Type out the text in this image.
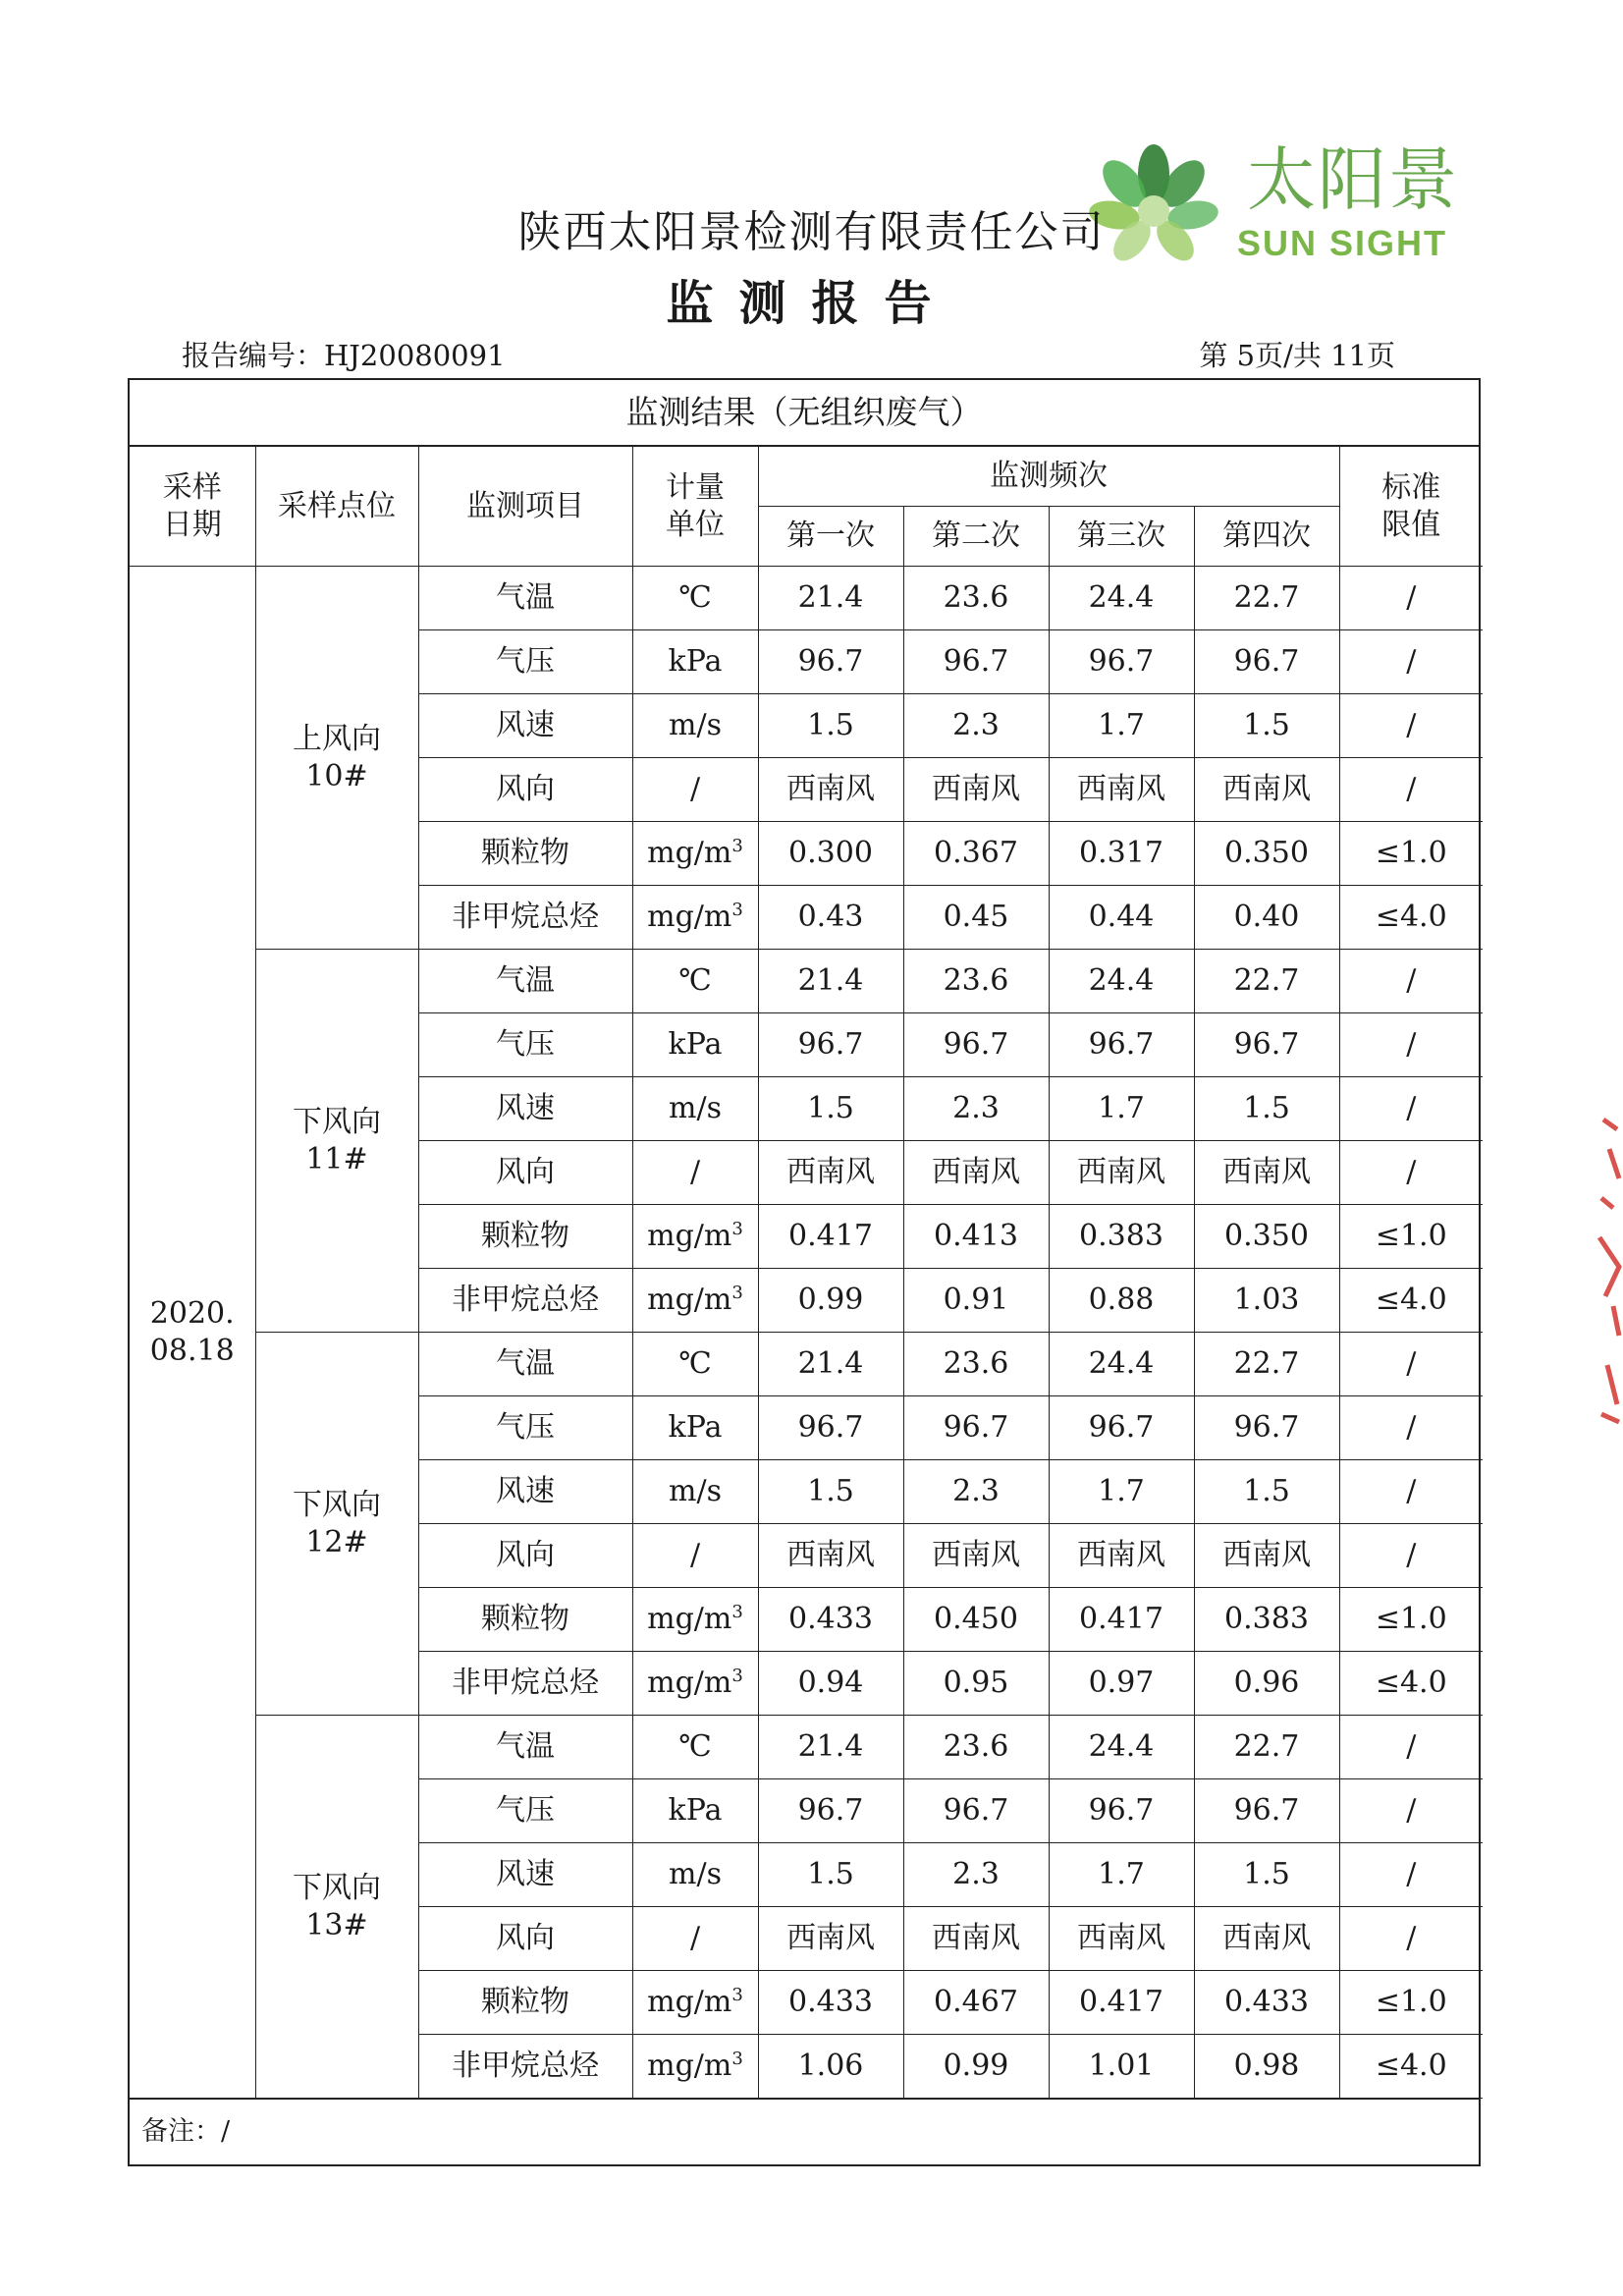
太阳景
SUN SIGHT
陕西太阳景检测有限责任公司
监测报告
报告编号：HJ20080091	第 5页/共 11页
监测结果（无组织废气）
采样
日期	采样点位	监测项目	计量
单位	监测频次				标准
限值
				第一次	第二次	第三次	第四次	
2020.
08.18	上风向
10#	气温	℃	21.4	23.6	24.4	22.7	/
		气压	kPa	96.7	96.7	96.7	96.7	/
		风速	m/s	1.5	2.3	1.7	1.5	/
		风向	/	西南风	西南风	西南风	西南风	/
		颗粒物	$mg/m^3$	0.300	0.367	0.317	0.350	≤1.0
		非甲烷总烃	$mg/m^3$	0.43	0.45	0.44	0.40	≤4.0
	下风向
11#	气温	℃	21.4	23.6	24.4	22.7	/
		气压	kPa	96.7	96.7	96.7	96.7	/
		风速	m/s	1.5	2.3	1.7	1.5	/
		风向	/	西南风	西南风	西南风	西南风	/
		颗粒物	$mg/m^3$	0.417	0.413	0.383	0.350	≤1.0
		非甲烷总烃	$mg/m^3$	0.99	0.91	0.88	1.03	≤4.0
	下风向
12#	气温	℃	21.4	23.6	24.4	22.7	/
		气压	kPa	96.7	96.7	96.7	96.7	/
		风速	m/s	1.5	2.3	1.7	1.5	/
		风向	/	西南风	西南风	西南风	西南风	/
		颗粒物	$mg/m^3$	0.433	0.450	0.417	0.383	≤1.0
		非甲烷总烃	$mg/m^3$	0.94	0.95	0.97	0.96	≤4.0
	下风向
13#	气温	℃	21.4	23.6	24.4	22.7	/
		气压	kPa	96.7	96.7	96.7	96.7	/
		风速	m/s	1.5	2.3	1.7	1.5	/
		风向	/	西南风	西南风	西南风	西南风	/
		颗粒物	$mg/m^3$	0.433	0.467	0.417	0.433	≤1.0
		非甲烷总烃	$mg/m^3$	1.06	0.99	1.01	0.98	≤4.0
备注：/
